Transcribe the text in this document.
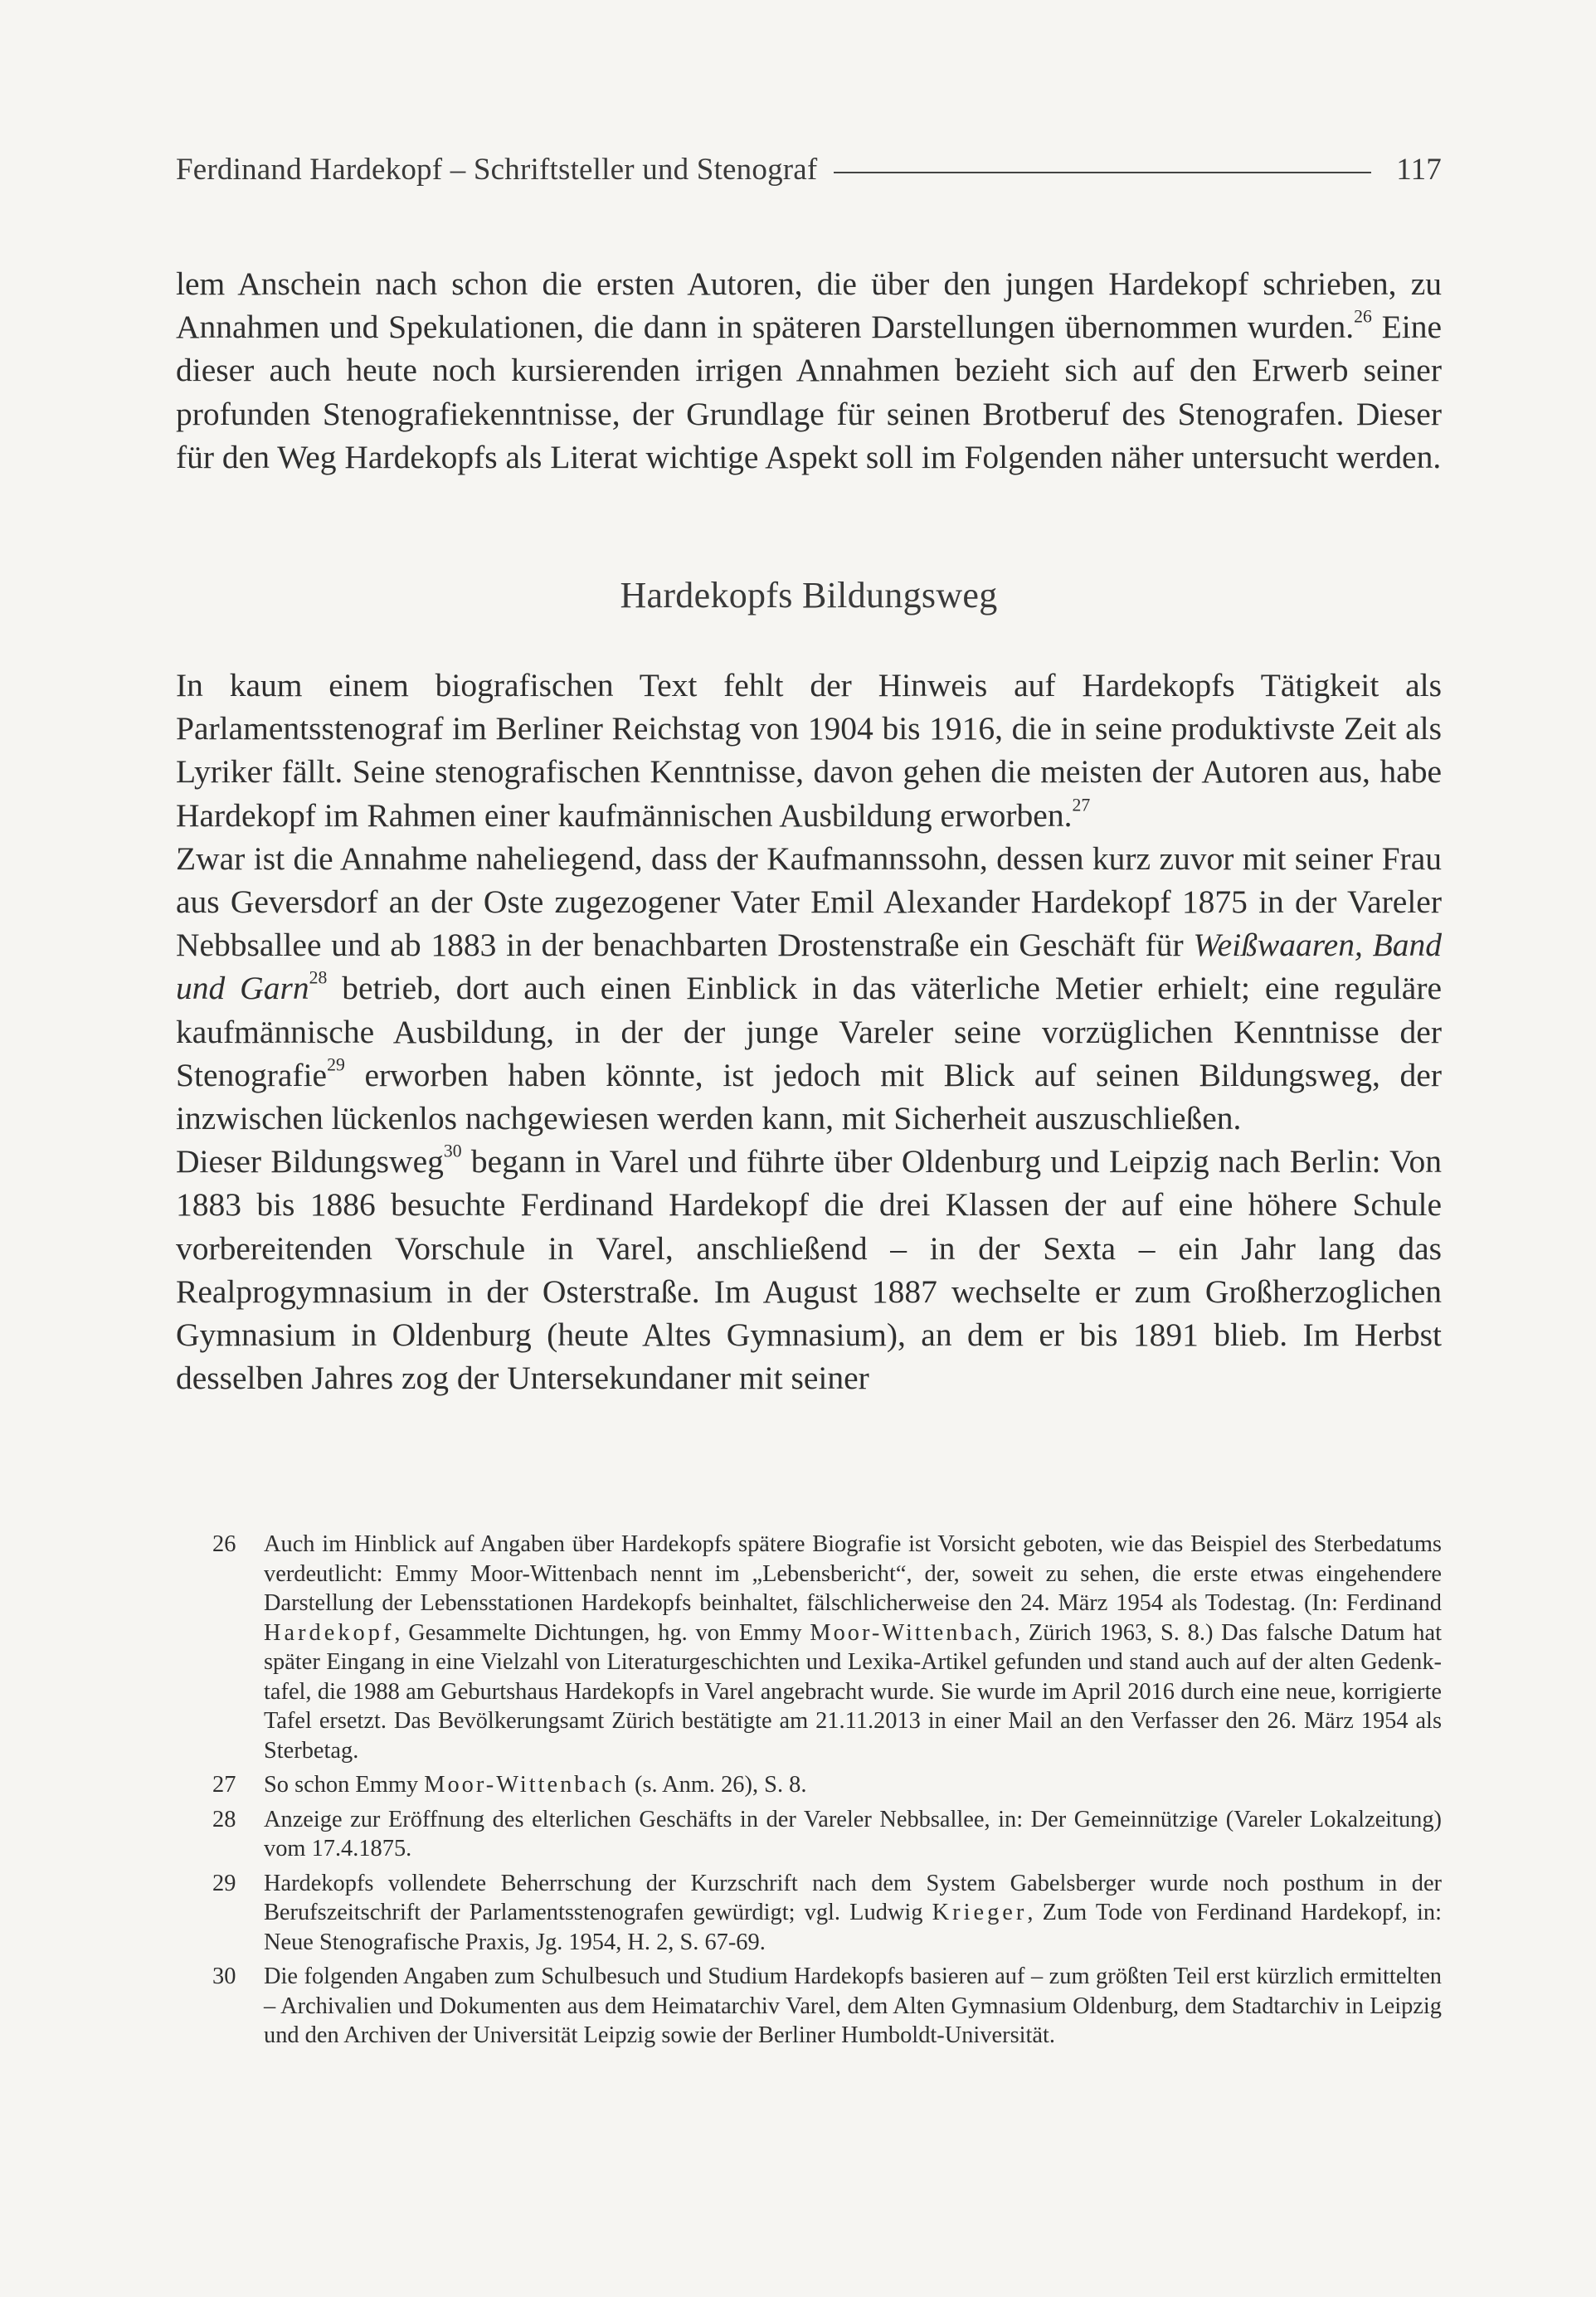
Ferdinand Hardekopf – Schriftsteller und Stenograf	117

lem Anschein nach schon die ersten Autoren, die über den jungen Hardekopf schrieben, zu Annahmen und Spekulationen, die dann in späteren Darstellungen übernommen wurden.$^{26}$ Eine dieser auch heute noch kursierenden irrigen Annahmen bezieht sich auf den Erwerb seiner profunden Stenografiekenntnisse, der Grundlage für seinen Brotberuf des Stenografen. Dieser für den Weg Hardekopfs als Literat wichtige Aspekt soll im Folgenden näher untersucht werden.

Hardekopfs Bildungsweg

In kaum einem biografischen Text fehlt der Hinweis auf Hardekopfs Tätigkeit als Parlamentsstenograf im Berliner Reichstag von 1904 bis 1916, die in seine produktivste Zeit als Lyriker fällt. Seine stenografischen Kenntnisse, davon gehen die meisten der Autoren aus, habe Hardekopf im Rahmen einer kaufmännischen Ausbildung erworben.$^{27}$

Zwar ist die Annahme naheliegend, dass der Kaufmannssohn, dessen kurz zuvor mit seiner Frau aus Geversdorf an der Oste zugezogener Vater Emil Alexander Hardekopf 1875 in der Vareler Nebbsallee und ab 1883 in der benachbarten Drostenstraße ein Geschäft für Weißwaaren, Band und Garn$^{28}$ betrieb, dort auch einen Einblick in das väterliche Metier erhielt; eine reguläre kaufmännische Ausbildung, in der der junge Vareler seine vorzüglichen Kenntnisse der Stenografie$^{29}$ erworben haben könnte, ist jedoch mit Blick auf seinen Bildungsweg, der inzwischen lückenlos nachgewiesen werden kann, mit Sicherheit auszuschließen.

Dieser Bildungsweg$^{30}$ begann in Varel und führte über Oldenburg und Leipzig nach Berlin: Von 1883 bis 1886 besuchte Ferdinand Hardekopf die drei Klassen der auf eine höhere Schule vorbereitenden Vorschule in Varel, anschließend – in der Sexta – ein Jahr lang das Realprogymnasium in der Osterstraße. Im August 1887 wechselte er zum Großherzoglichen Gymnasium in Oldenburg (heute Altes Gymnasium), an dem er bis 1891 blieb. Im Herbst desselben Jahres zog der Untersekundaner mit seiner

26	Auch im Hinblick auf Angaben über Hardekopfs spätere Biografie ist Vorsicht geboten, wie das Beispiel des Sterbedatums verdeutlicht: Emmy Moor-Wittenbach nennt im „Lebensbericht“, der, soweit zu sehen, die erste etwas eingehendere Darstellung der Lebensstationen Hardekopfs beinhaltet, fälschlicherweise den 24. März 1954 als Todestag. (In: Ferdinand Hardekopf, Gesammelte Dichtungen, hg. von Emmy Moor-Wittenbach, Zürich 1963, S. 8.) Das falsche Datum hat später Eingang in eine Vielzahl von Literaturgeschichten und Lexika-Artikel gefunden und stand auch auf der alten Gedenktafel, die 1988 am Geburtshaus Hardekopfs in Varel angebracht wurde. Sie wurde im April 2016 durch eine neue, korrigierte Tafel ersetzt. Das Bevölkerungsamt Zürich bestätigte am 21.11.2013 in einer Mail an den Verfasser den 26. März 1954 als Sterbetag.
27	So schon Emmy Moor-Wittenbach (s. Anm. 26), S. 8.
28	Anzeige zur Eröffnung des elterlichen Geschäfts in der Vareler Nebbsallee, in: Der Gemeinnützige (Vareler Lokalzeitung) vom 17.4.1875.
29	Hardekopfs vollendete Beherrschung der Kurzschrift nach dem System Gabelsberger wurde noch posthum in der Berufszeitschrift der Parlamentsstenografen gewürdigt; vgl. Ludwig Krieger, Zum Tode von Ferdinand Hardekopf, in: Neue Stenografische Praxis, Jg. 1954, H. 2, S. 67-69.
30	Die folgenden Angaben zum Schulbesuch und Studium Hardekopfs basieren auf – zum größten Teil erst kürzlich ermittelten – Archivalien und Dokumenten aus dem Heimatarchiv Varel, dem Alten Gymnasium Oldenburg, dem Stadtarchiv in Leipzig und den Archiven der Universität Leipzig sowie der Berliner Humboldt-Universität.
